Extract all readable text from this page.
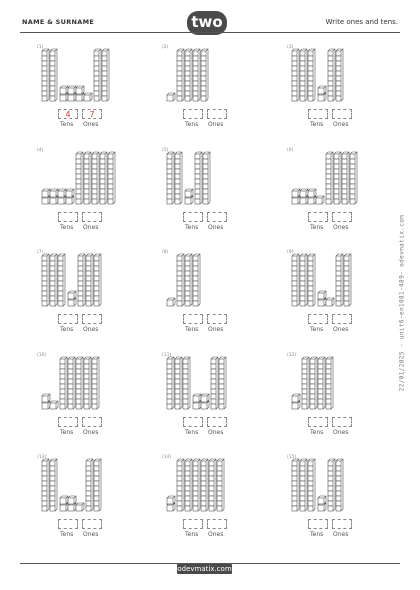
NAME & SURNAME	two	Write ones and tens.
(1)
4	7
Tens Ones
(2)
Tens Ones
(3)
Tens Ones
(4)
Tens Ones
(5)
Tens Ones
(6)
Tens Ones
(7)
Tens Ones
(8)
Tens Ones
(9)
Tens Ones
(10)
Tens Ones
(11)
Tens Ones
(12)
Tens Ones
(13)
Tens Ones
(14)
Tens Ones
(15)
Tens Ones
22/01/2025 - unit6-en1081-489- odevmatix.com
odevmatix.com
